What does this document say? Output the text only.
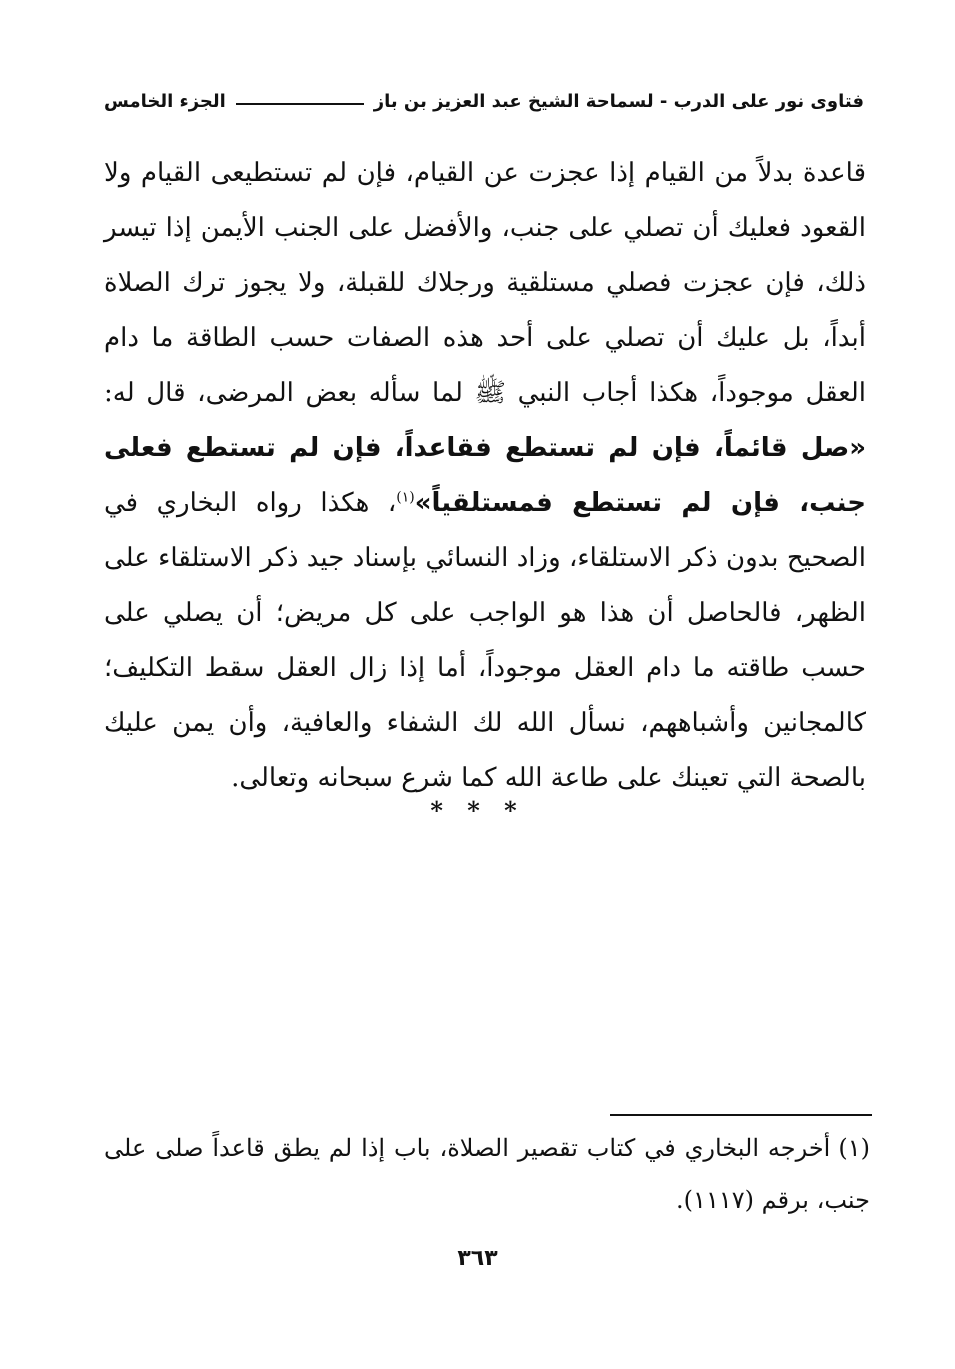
فتاوى نور على الدرب - لسماحة الشيخ عبد العزيز بن باز
الجزء الخامس

قاعدة بدلاً من القيام إذا عجزت عن القيام، فإن لم تستطيعى القيام ولا القعود فعليك أن تصلي على جنب، والأفضل على الجنب الأيمن إذا تيسر ذلك، فإن عجزت فصلي مستلقية ورجلاك للقبلة، ولا يجوز ترك الصلاة أبداً، بل عليك أن تصلي على أحد هذه الصفات حسب الطاقة ما دام العقل موجوداً، هكذا أجاب النبي ﷺ لما سأله بعض المرضى، قال له: «صل قائماً، فإن لم تستطع فقاعداً، فإن لم تستطع فعلى جنب، فإن لم تستطع فمستلقياً»$^{(١)}$، هكذا رواه البخاري في الصحيح بدون ذكر الاستلقاء، وزاد النسائي بإسناد جيد ذكر الاستلقاء على الظهر، فالحاصل أن هذا هو الواجب على كل مريض؛ أن يصلي على حسب طاقته ما دام العقل موجوداً، أما إذا زال العقل سقط التكليف؛ كالمجانين وأشباههم، نسأل الله لك الشفاء والعافية، وأن يمن عليك بالصحة التي تعينك على طاعة الله كما شرع سبحانه وتعالى.

* * *

(١)أخرجه البخاري في كتاب تقصير الصلاة، باب إذا لم يطق قاعداً صلى على جنب، برقم (١١١٧).

٣٦٣
